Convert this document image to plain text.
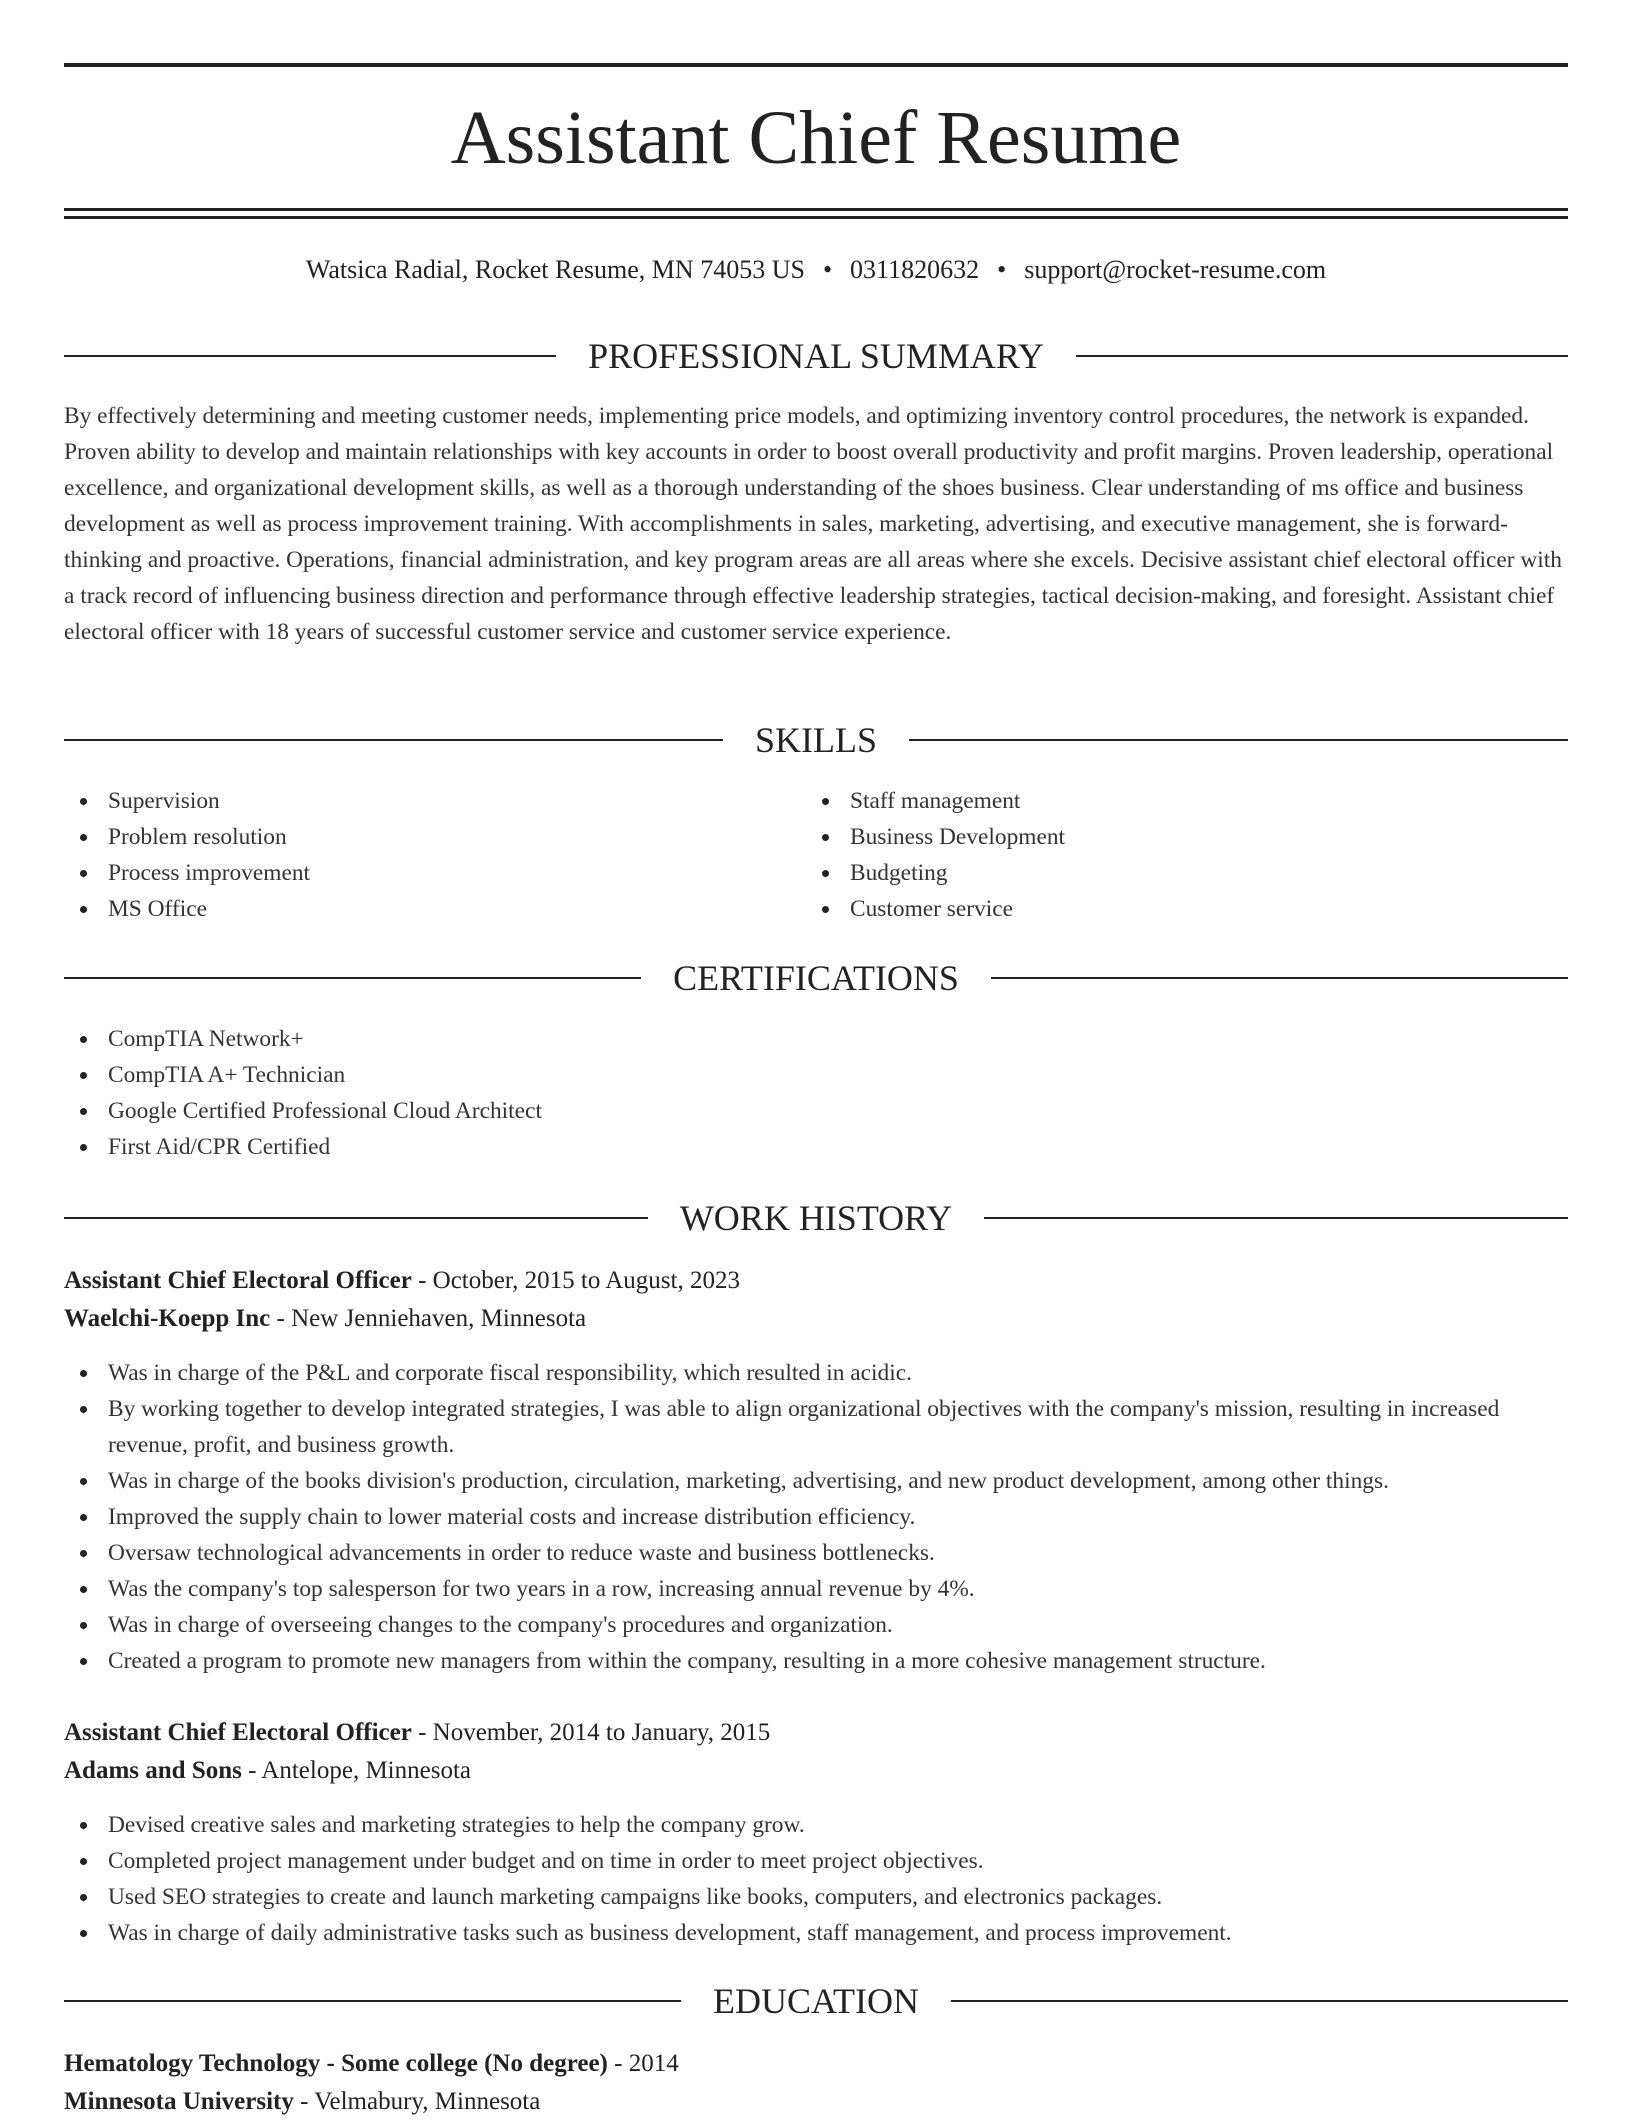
Assistant Chief Resume
Watsica Radial, Rocket Resume, MN 74053 US • 0311820632 • support@rocket-resume.com
PROFESSIONAL SUMMARY

By effectively determining and meeting customer needs, implementing price models, and optimizing inventory control procedures, the network is expanded. Proven ability to develop and maintain relationships with key accounts in order to boost overall productivity and profit margins. Proven leadership, operational excellence, and organizational development skills, as well as a thorough understanding of the shoes business. Clear understanding of ms office and business development as well as process improvement training. With accomplishments in sales, marketing, advertising, and executive management, she is forward-thinking and proactive. Operations, financial administration, and key program areas are all areas where she excels. Decisive assistant chief electoral officer with a track record of influencing business direction and performance through effective leadership strategies, tactical decision-making, and foresight. Assistant chief electoral officer with 18 years of successful customer service and customer service experience.

SKILLS
Supervision
Problem resolution
Process improvement
MS Office
Staff management
Business Development
Budgeting
Customer service
CERTIFICATIONS
CompTIA Network+
CompTIA A+ Technician
Google Certified Professional Cloud Architect
First Aid/CPR Certified
WORK HISTORY
Assistant Chief Electoral Officer - October, 2015 to August, 2023
Waelchi-Koepp Inc - New Jenniehaven, Minnesota
Was in charge of the P&L and corporate fiscal responsibility, which resulted in acidic.
By working together to develop integrated strategies, I was able to align organizational objectives with the company's mission, resulting in increased revenue, profit, and business growth.
Was in charge of the books division's production, circulation, marketing, advertising, and new product development, among other things.
Improved the supply chain to lower material costs and increase distribution efficiency.
Oversaw technological advancements in order to reduce waste and business bottlenecks.
Was the company's top salesperson for two years in a row, increasing annual revenue by 4%.
Was in charge of overseeing changes to the company's procedures and organization.
Created a program to promote new managers from within the company, resulting in a more cohesive management structure.
Assistant Chief Electoral Officer - November, 2014 to January, 2015
Adams and Sons - Antelope, Minnesota
Devised creative sales and marketing strategies to help the company grow.
Completed project management under budget and on time in order to meet project objectives.
Used SEO strategies to create and launch marketing campaigns like books, computers, and electronics packages.
Was in charge of daily administrative tasks such as business development, staff management, and process improvement.
EDUCATION
Hematology Technology - Some college (No degree) - 2014
Minnesota University - Velmabury, Minnesota
